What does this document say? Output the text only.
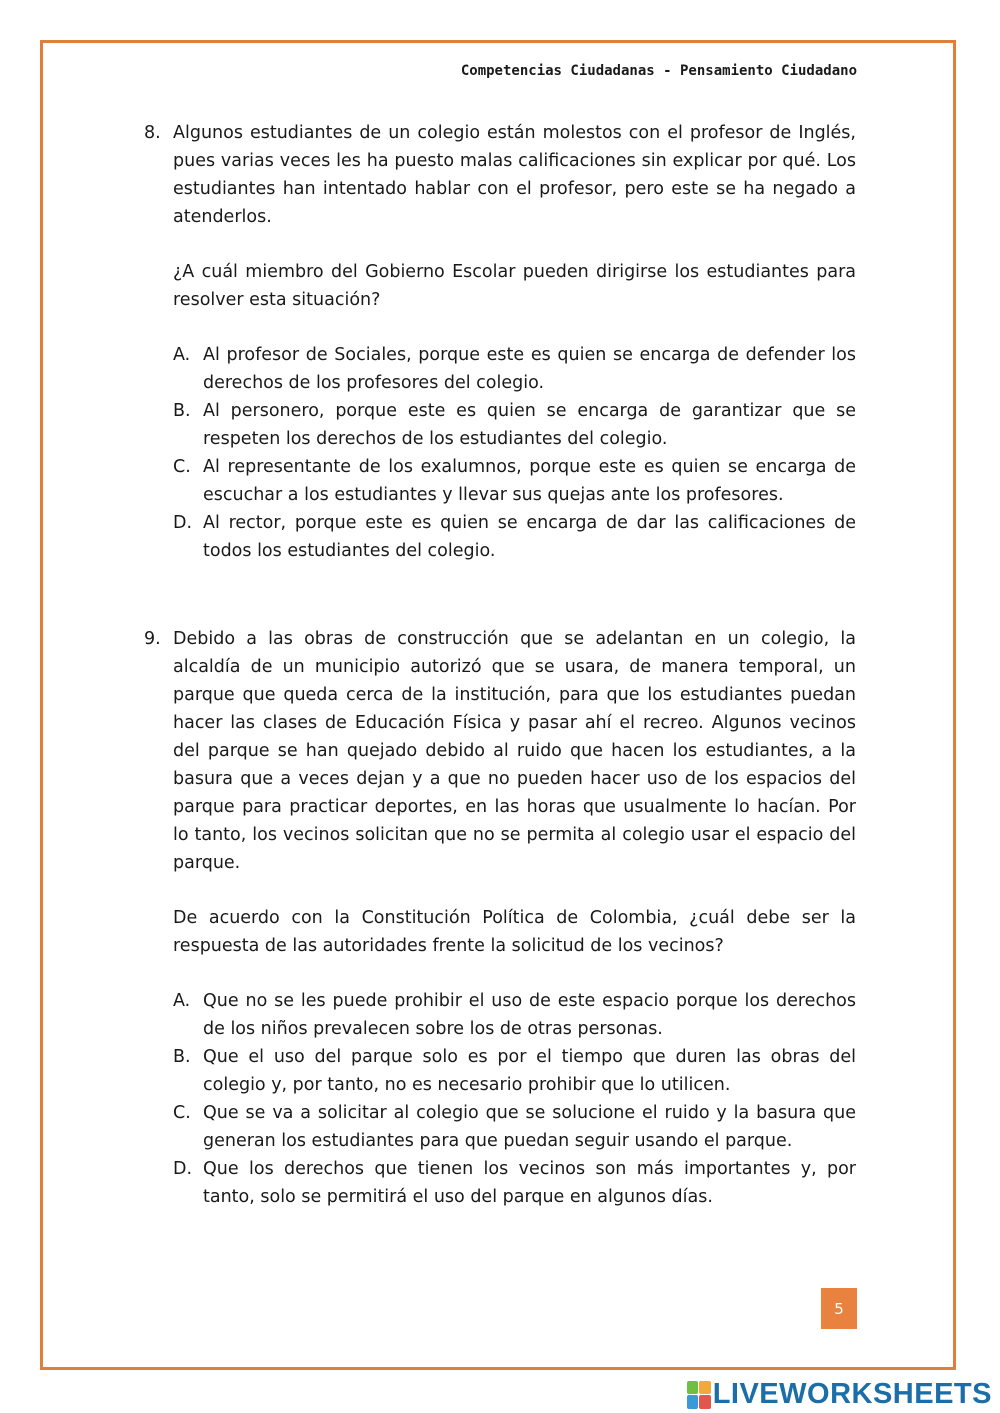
Competencias Ciudadanas - Pensamiento Ciudadano
8. Algunos estudiantes de un colegio están molestos con el profesor de Inglés, pues varias veces les ha puesto malas calificaciones sin explicar por qué. Los estudiantes han intentado hablar con el profesor, pero este se ha negado a atenderlos.
¿A cuál miembro del Gobierno Escolar pueden dirigirse los estudiantes para resolver esta situación?
A. Al profesor de Sociales, porque este es quien se encarga de defender los derechos de los profesores del colegio.
B. Al personero, porque este es quien se encarga de garantizar que se respeten los derechos de los estudiantes del colegio.
C. Al representante de los exalumnos, porque este es quien se encarga de escuchar a los estudiantes y llevar sus quejas ante los profesores.
D. Al rector, porque este es quien se encarga de dar las calificaciones de todos los estudiantes del colegio.
9. Debido a las obras de construcción que se adelantan en un colegio, la alcaldía de un municipio autorizó que se usara, de manera temporal, un parque que queda cerca de la institución, para que los estudiantes puedan hacer las clases de Educación Física y pasar ahí el recreo. Algunos vecinos del parque se han quejado debido al ruido que hacen los estudiantes, a la basura que a veces dejan y a que no pueden hacer uso de los espacios del parque para practicar deportes, en las horas que usualmente lo hacían. Por lo tanto, los vecinos solicitan que no se permita al colegio usar el espacio del parque.
De acuerdo con la Constitución Política de Colombia, ¿cuál debe ser la respuesta de las autoridades frente la solicitud de los vecinos?
A. Que no se les puede prohibir el uso de este espacio porque los derechos de los niños prevalecen sobre los de otras personas.
B. Que el uso del parque solo es por el tiempo que duren las obras del colegio y, por tanto, no es necesario prohibir que lo utilicen.
C. Que se va a solicitar al colegio que se solucione el ruido y la basura que generan los estudiantes para que puedan seguir usando el parque.
D. Que los derechos que tienen los vecinos son más importantes y, por tanto, solo se permitirá el uso del parque en algunos días.
5
LIVEWORKSHEETS
